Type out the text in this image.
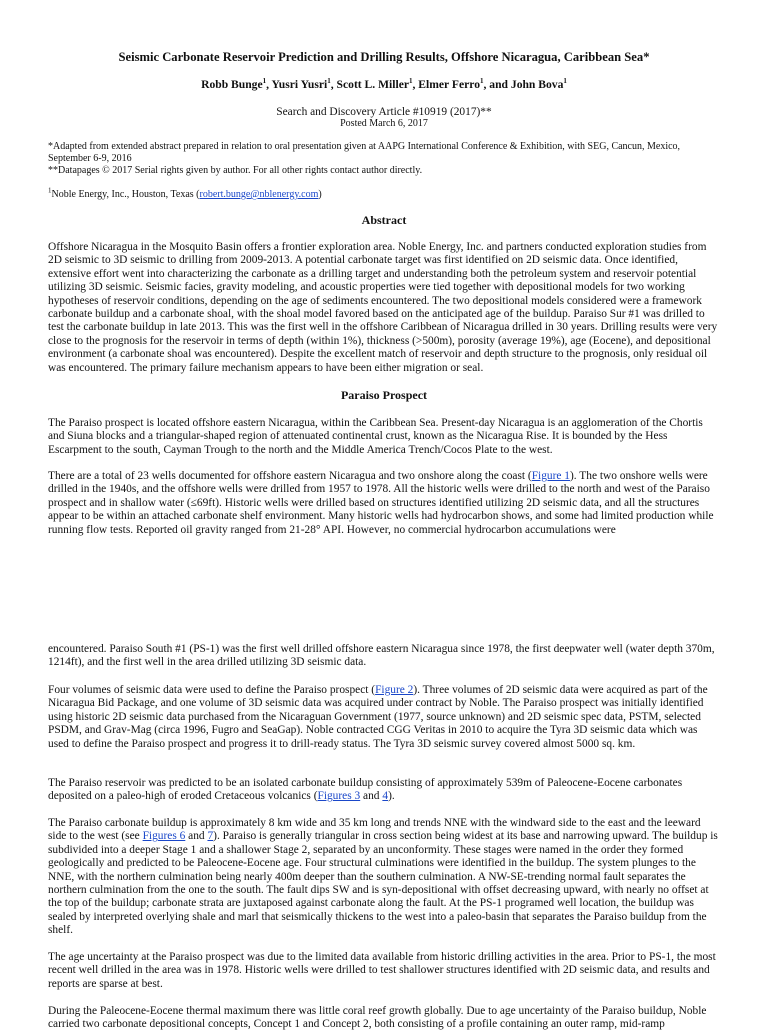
Seismic Carbonate Reservoir Prediction and Drilling Results, Offshore Nicaragua, Caribbean Sea*

Robb Bunge$^1$, Yusri Yusri$^1$, Scott L. Miller$^1$, Elmer Ferro$^1$, and John Bova$^1$

Search and Discovery Article #10919 (2017)**

Posted March 6, 2017

*Adapted from extended abstract prepared in relation to oral presentation given at AAPG International Conference & Exhibition, with SEG, Cancun, Mexico, September 6-9, 2016

**Datapages © 2017 Serial rights given by author. For all other rights contact author directly.

$^1$Noble Energy, Inc., Houston, Texas (robert.bunge@nblenergy.com)

Abstract

Offshore Nicaragua in the Mosquito Basin offers a frontier exploration area. Noble Energy, Inc. and partners conducted exploration studies from 2D seismic to 3D seismic to drilling from 2009-2013. A potential carbonate target was first identified on 2D seismic data. Once identified, extensive effort went into characterizing the carbonate as a drilling target and understanding both the petroleum system and reservoir potential utilizing 3D seismic. Seismic facies, gravity modeling, and acoustic properties were tied together with depositional models for two working hypotheses of reservoir conditions, depending on the age of sediments encountered. The two depositional models considered were a framework carbonate buildup and a carbonate shoal, with the shoal model favored based on the anticipated age of the buildup. Paraiso Sur #1 was drilled to test the carbonate buildup in late 2013. This was the first well in the offshore Caribbean of Nicaragua drilled in 30 years. Drilling results were very close to the prognosis for the reservoir in terms of depth (within 1%), thickness (>500m), porosity (average 19%), age (Eocene), and depositional environment (a carbonate shoal was encountered). Despite the excellent match of reservoir and depth structure to the prognosis, only residual oil was encountered. The primary failure mechanism appears to have been either migration or seal.

Paraiso Prospect

The Paraiso prospect is located offshore eastern Nicaragua, within the Caribbean Sea. Present-day Nicaragua is an agglomeration of the Chortis and Siuna blocks and a triangular-shaped region of attenuated continental crust, known as the Nicaragua Rise. It is bounded by the Hess Escarpment to the south, Cayman Trough to the north and the Middle America Trench/Cocos Plate to the west.

There are a total of 23 wells documented for offshore eastern Nicaragua and two onshore along the coast (Figure 1). The two onshore wells were drilled in the 1940s, and the offshore wells were drilled from 1957 to 1978. All the historic wells were drilled to the north and west of the Paraiso prospect and in shallow water (≤69ft). Historic wells were drilled based on structures identified utilizing 2D seismic data, and all the structures appear to be within an attached carbonate shelf environment. Many historic wells had hydrocarbon shows, and some had limited production while running flow tests. Reported oil gravity ranged from 21-28° API. However, no commercial hydrocarbon accumulations were

encountered. Paraiso South #1 (PS-1) was the first well drilled offshore eastern Nicaragua since 1978, the first deepwater well (water depth 370m, 1214ft), and the first well in the area drilled utilizing 3D seismic data.

Four volumes of seismic data were used to define the Paraiso prospect (Figure 2). Three volumes of 2D seismic data were acquired as part of the Nicaragua Bid Package, and one volume of 3D seismic data was acquired under contract by Noble. The Paraiso prospect was initially identified using historic 2D seismic data purchased from the Nicaraguan Government (1977, source unknown) and 2D seismic spec data, PSTM, selected PSDM, and Grav-Mag (circa 1996, Fugro and SeaGap). Noble contracted CGG Veritas in 2010 to acquire the Tyra 3D seismic data which was used to define the Paraiso prospect and progress it to drill-ready status. The Tyra 3D seismic survey covered almost 5000 sq. km.

The Paraiso reservoir was predicted to be an isolated carbonate buildup consisting of approximately 539m of Paleocene-Eocene carbonates deposited on a paleo-high of eroded Cretaceous volcanics (Figures 3 and 4).

The Paraiso carbonate buildup is approximately 8 km wide and 35 km long and trends NNE with the windward side to the east and the leeward side to the west (see Figures 6 and 7). Paraiso is generally triangular in cross section being widest at its base and narrowing upward. The buildup is subdivided into a deeper Stage 1 and a shallower Stage 2, separated by an unconformity. These stages were named in the order they formed geologically and predicted to be Paleocene-Eocene age. Four structural culminations were identified in the buildup. The system plunges to the NNE, with the northern culmination being nearly 400m deeper than the southern culmination. A NW-SE-trending normal fault separates the northern culmination from the one to the south. The fault dips SW and is syn-depositional with offset decreasing upward, with nearly no offset at the top of the buildup; carbonate strata are juxtaposed against carbonate along the fault. At the PS-1 programed well location, the buildup was sealed by interpreted overlying shale and marl that seismically thickens to the west into a paleo-basin that separates the Paraiso buildup from the shelf.

The age uncertainty at the Paraiso prospect was due to the limited data available from historic drilling activities in the area. Prior to PS-1, the most recent well drilled in the area was in 1978. Historic wells were drilled to test shallower structures identified with 2D seismic data, and results and reports are sparse at best.

During the Paleocene-Eocene thermal maximum there was little coral reef growth globally. Due to age uncertainty of the Paraiso buildup, Noble carried two carbonate depositional concepts, Concept 1 and Concept 2, both consisting of a profile containing an outer ramp, mid-ramp
